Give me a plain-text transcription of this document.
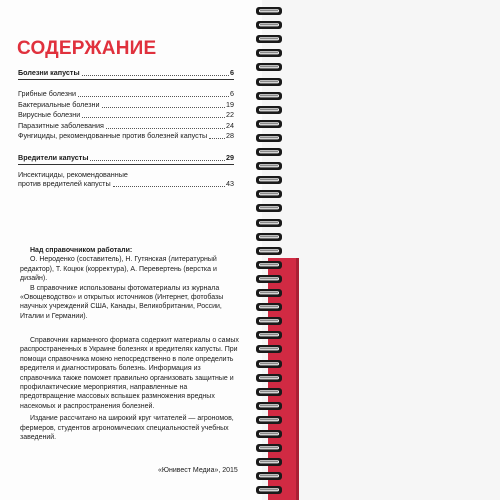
СОДЕРЖАНИЕ
Болезни капусты	6
Грибные болезни	6
Бактериальные болезни	19
Вирусные болезни	22
Паразитные заболевания	24
Фунгициды, рекомендованные против болезней капусты	28
Вредители капусты	29
Инсектициды, рекомендованные
против вредителей капусты	43

Над справочником работали:

О. Нероденко (составитель), Н. Гутянская (литературный редактор), Т. Коцюк (корректура), А. Перевертень (верстка и дизайн).

В справочнике использованы фотоматериалы из журнала «Овощеводство» и открытых источников (Интернет, фотобазы научных учреждений США, Канады, Великобритании, России, Италии и Германии).

Справочник карманного формата содержит материалы о самых распространенных в Украине болезнях и вредителях капусты. При помощи справочника можно непосредственно в поле определить вредителя и диагностировать болезнь. Информация из справочника также поможет правильно организовать защитные и профилактические мероприятия, направленные на предотвращение массовых вспышек размножения вредных насекомых и распространения болезней.

Издание рассчитано на широкий круг читателей — агрономов, фермеров, студентов агрономических специальностей учебных заведений.

«Юнивест Медиа», 2015
